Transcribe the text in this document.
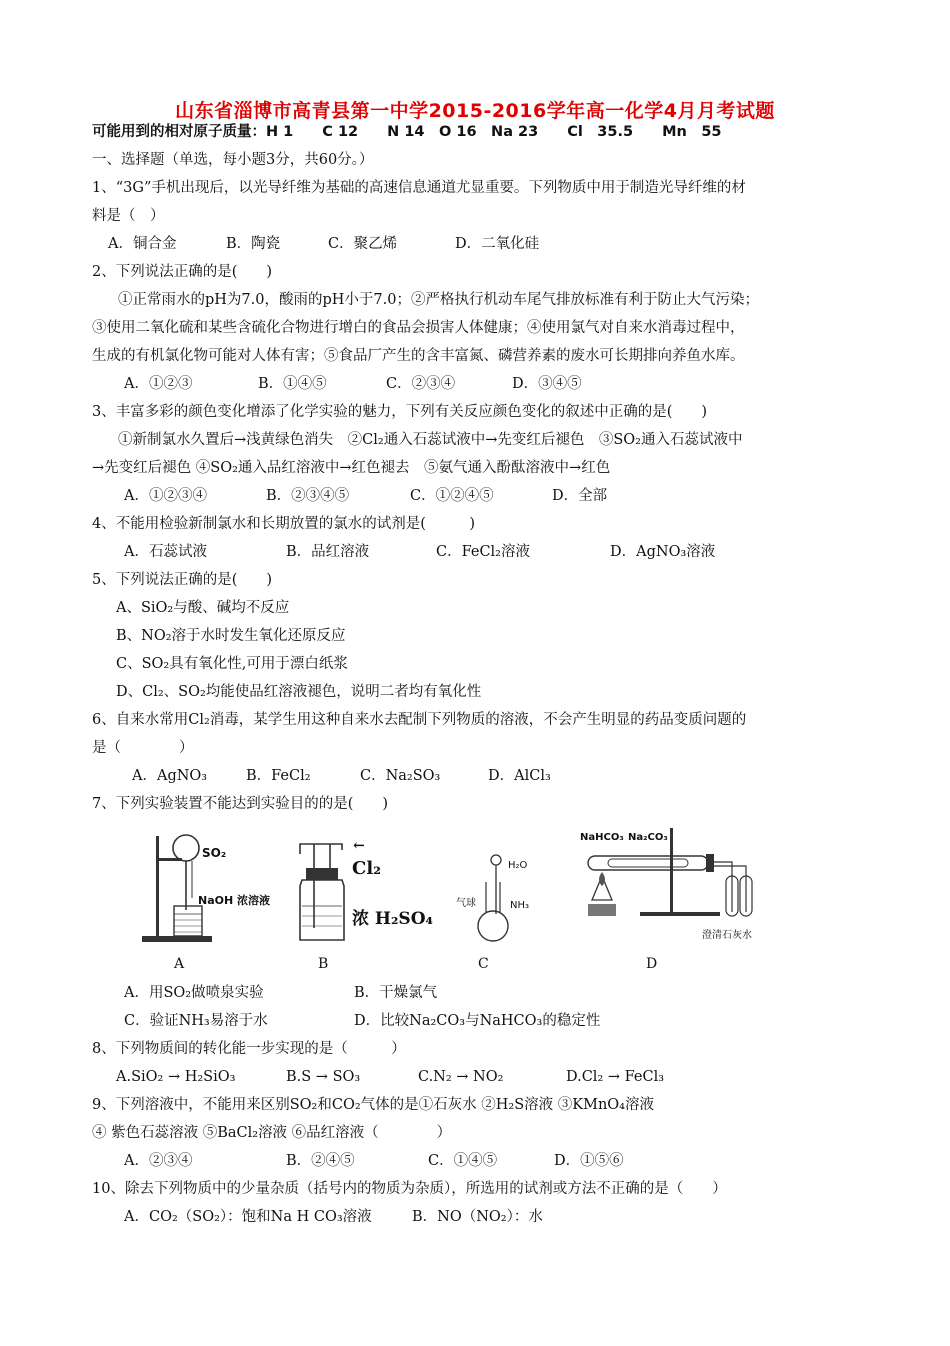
山东省淄博市高青县第一中学2015-2016学年高一化学4月月考试题
可能用到的相对原子质量：H 1　　C 12　　N 14　O 16　Na 23　　Cl　35.5　　Mn　55
一、选择题（单选，每小题3分，共60分。）
1、“3G”手机出现后，以光导纤维为基础的高速信息通道尤显重要。下列物质中用于制造光导纤维的材
料是（　）
A．铜合金	B．陶瓷	C．聚乙烯	D．二氧化硅
2、下列说法正确的是(　　)
①正常雨水的pH为7.0，酸雨的pH小于7.0；②严格执行机动车尾气排放标准有利于防止大气污染；
③使用二氧化硫和某些含硫化合物进行增白的食品会损害人体健康；④使用氯气对自来水消毒过程中，
生成的有机氯化物可能对人体有害；⑤食品厂产生的含丰富氮、磷营养素的废水可长期排向养鱼水库。
A．①②③	B．①④⑤	C．②③④	D．③④⑤
3、丰富多彩的颜色变化增添了化学实验的魅力，下列有关反应颜色变化的叙述中正确的是(　　)
①新制氯水久置后→浅黄绿色消失　②Cl₂通入石蕊试液中→先变红后褪色　③SO₂通入石蕊试液中
→先变红后褪色 ④SO₂通入品红溶液中→红色褪去　⑤氨气通入酚酞溶液中→红色
A．①②③④	B．②③④⑤	C．①②④⑤	D．全部
4、不能用检验新制氯水和长期放置的氯水的试剂是(　　　)
A．石蕊试液	B．品红溶液	C．FeCl₂溶液	D．AgNO₃溶液
5、下列说法正确的是(　　)
A、SiO₂与酸、碱均不反应
B、NO₂溶于水时发生氧化还原反应
C、SO₂具有氧化性,可用于漂白纸浆
D、Cl₂、SO₂均能使品红溶液褪色，说明二者均有氧化性
6、自来水常用Cl₂消毒，某学生用这种自来水去配制下列物质的溶液，不会产生明显的药品变质问题的
是（　　　　）
A．AgNO₃	B．FeCl₂	C．Na₂SO₃	D．AlCl₃
7、下列实验装置不能达到实验目的的是(　　)
SO₂
NaOH 浓溶液
←
Cl₂
浓 H₂SO₄
H₂O
NH₃
气球
NaHCO₃ Na₂CO₃
澄清石灰水
A	B	C	D
A．用SO₂做喷泉实验	B．干燥氯气
C．验证NH₃易溶于水	D．比较Na₂CO₃与NaHCO₃的稳定性
8、下列物质间的转化能一步实现的是（　　　）
A.SiO₂ → H₂SiO₃	B.S → SO₃	C.N₂ → NO₂	D.Cl₂ → FeCl₃
9、下列溶液中，不能用来区别SO₂和CO₂气体的是①石灰水 ②H₂S溶液 ③KMnO₄溶液
④ 紫色石蕊溶液 ⑤BaCl₂溶液 ⑥品红溶液（　　　　）
A．②③④	B．②④⑤	C．①④⑤	D．①⑤⑥
10、除去下列物质中的少量杂质（括号内的物质为杂质），所选用的试剂或方法不正确的是（　　）
A．CO₂（SO₂）：饱和Na H CO₃溶液	B．NO（NO₂）：水
